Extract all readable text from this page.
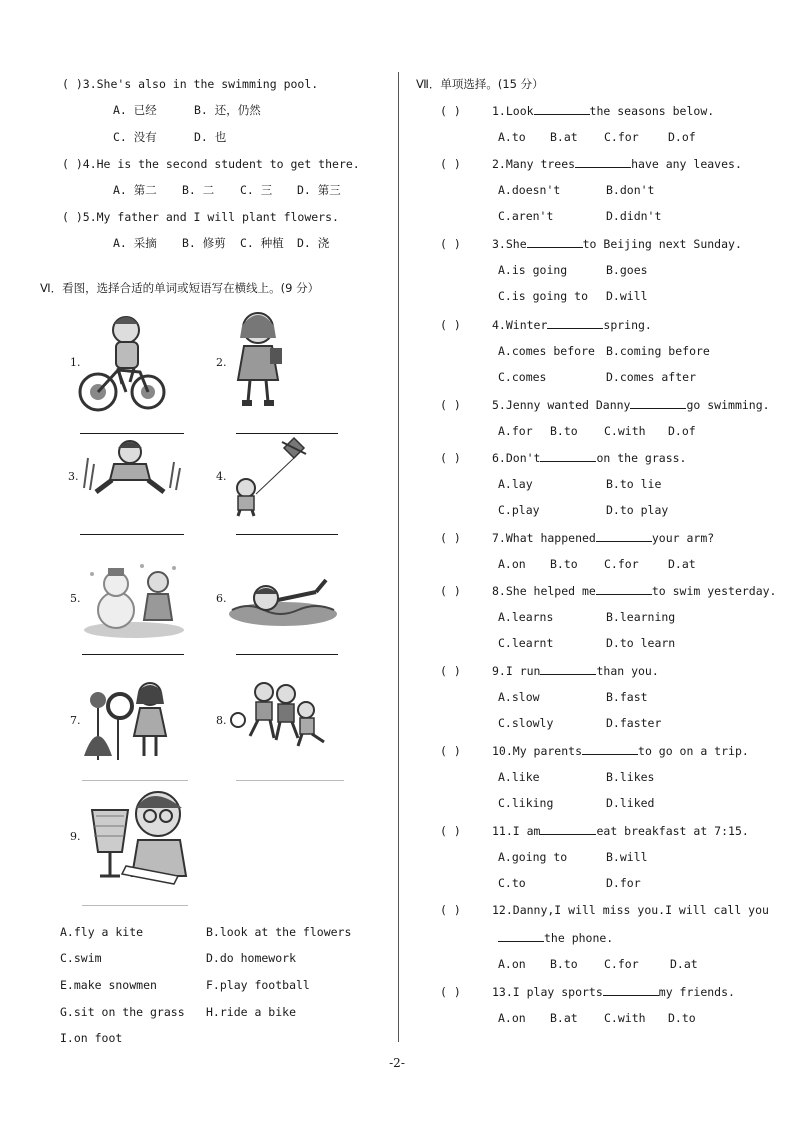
( )3.She's also in the swimming pool.
A. 已经	B. 还，仍然
C. 没有	D. 也
( )4.He is the second student to get there.
A. 第二 B. 二 C. 三 D. 第三
( )5.My father and I will plant flowers.
A. 采摘 B. 修剪 C. 种植 D. 浇
Ⅵ．看图，选择合适的单词或短语写在横线上。(9 分）
1.	2.
3.	4.
5.	6.
7.	8.
9.
A.fly a kite	B.look at the flowers
C.swim	D.do homework
E.make snowmen	F.play football
G.sit on the grass H.ride a bike
I.on foot
Ⅶ．单项选择。(15 分）
( )	1.Look	the seasons below.
A.to B.at C.for	D.of
( )	2.Many trees	have any leaves.
A.doesn't	B.don't
C.aren't	D.didn't
( )	3.She	to Beijing next Sunday.
A.is going	B.goes
C.is going to D.will
( )	4.Winter	spring.
A.comes before B.coming before
C.comes	D.comes after
( )	5.Jenny wanted Danny	go swimming.
A.for B.to C.with D.of
( )	6.Don't	on the grass.
A.lay	B.to lie
C.play	D.to play
( )	7.What happened	your arm?
A.on B.to C.for	D.at
( )	8.She helped me	to swim yesterday.
A.learns	B.learning
C.learnt	D.to learn
( )	9.I run	than you.
A.slow	B.fast
C.slowly	D.faster
( )	10.My parents	to go on a trip.
A.like	B.likes
C.liking	D.liked
( )	11.I am	eat breakfast at 7:15.
A.going to	B.will
C.to	D.for
( )	12.Danny,I will miss you.I will call you
the phone.
A.on B.to C.for	D.at
( )	13.I play sports	my friends.
A.on B.at C.with D.to
-2-
